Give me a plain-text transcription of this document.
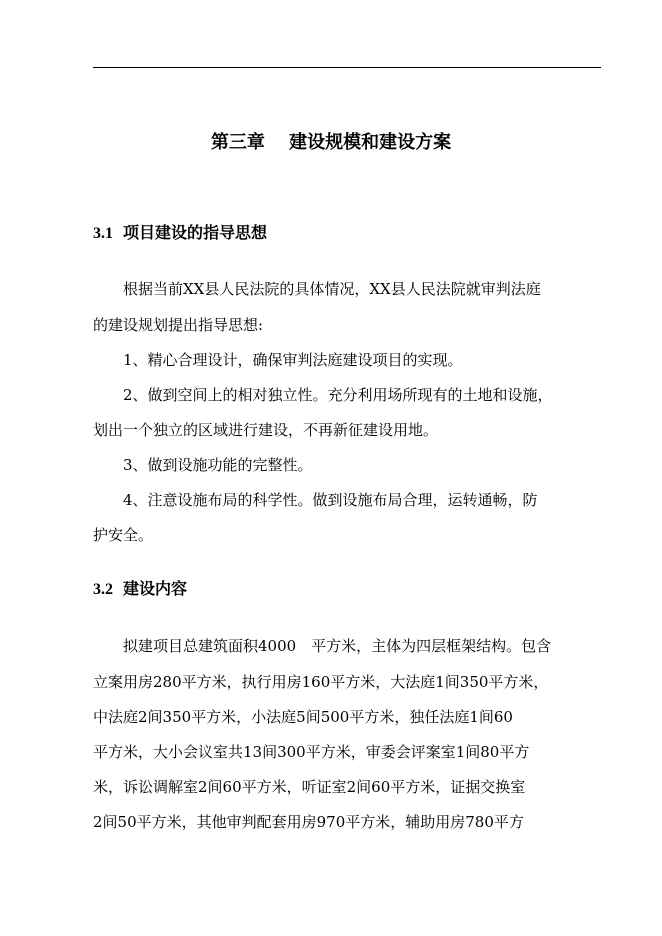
第三章　 建设规模和建设方案
3.1 项目建设的指导思想
根据当前XX县人民法院的具体情况，XX县人民法院就审判法庭
的建设规划提出指导思想:
1、精心合理设计，确保审判法庭建设项目的实现。
2、做到空间上的相对独立性。充分利用场所现有的土地和设施，
划出一个独立的区域进行建设，不再新征建设用地。
3、做到设施功能的完整性。
4、注意设施布局的科学性。做到设施布局合理，运转通畅，防
护安全。
3.2 建设内容
拟建项目总建筑面积4000　平方米，主体为四层框架结构。包含
立案用房280平方米，执行用房160平方米，大法庭1间350平方米，
中法庭2间350平方米，小法庭5间500平方米，独任法庭1间60
平方米，大小会议室共13间300平方米，审委会评案室1间80平方
米，诉讼调解室2间60平方米，听证室2间60平方米，证据交换室
2间50平方米，其他审判配套用房970平方米，辅助用房780平方
